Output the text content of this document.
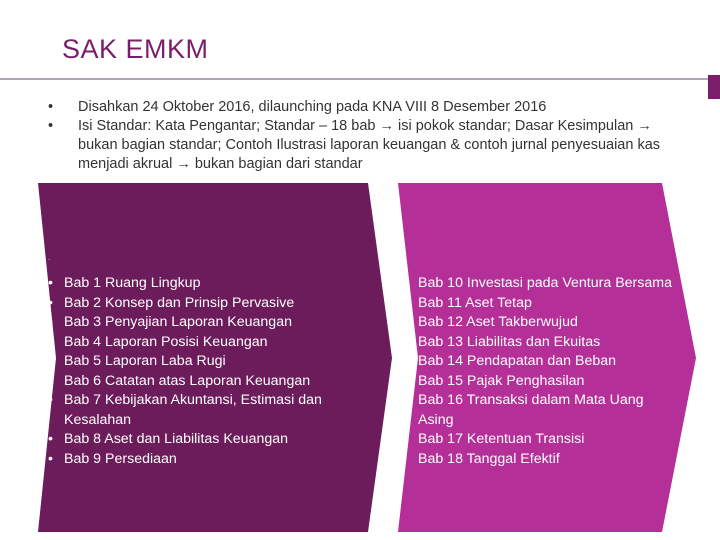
SAK EMKM
•	Disahkan 24 Oktober 2016, dilaunching pada KNA VIII 8 Desember 2016
•	Isi Standar: Kata Pengantar; Standar – 18 bab → isi pokok standar; Dasar Kesimpulan → bukan bagian standar; Contoh Ilustrasi laporan keuangan & contoh jurnal penyesuaian kas menjadi akrual → bukan bagian dari standar
.
• Bab 1 Ruang Lingkup
• Bab 2 Konsep dan Prinsip Pervasive
• Bab 3 Penyajian Laporan Keuangan
• Bab 4 Laporan Posisi Keuangan
• Bab 5 Laporan Laba Rugi
• Bab 6 Catatan atas Laporan Keuangan
• Bab 7 Kebijakan Akuntansi, Estimasi dan Kesalahan
• Bab 8 Aset dan Liabilitas Keuangan
• Bab 9 Persediaan
.
• Bab 10 Investasi pada Ventura Bersama
• Bab 11 Aset Tetap
• Bab 12 Aset Takberwujud
• Bab 13 Liabilitas dan Ekuitas
• Bab 14 Pendapatan dan Beban
• Bab 15 Pajak Penghasilan
• Bab 16 Transaksi dalam Mata Uang Asing
• Bab 17 Ketentuan Transisi
• Bab 18 Tanggal Efektif
